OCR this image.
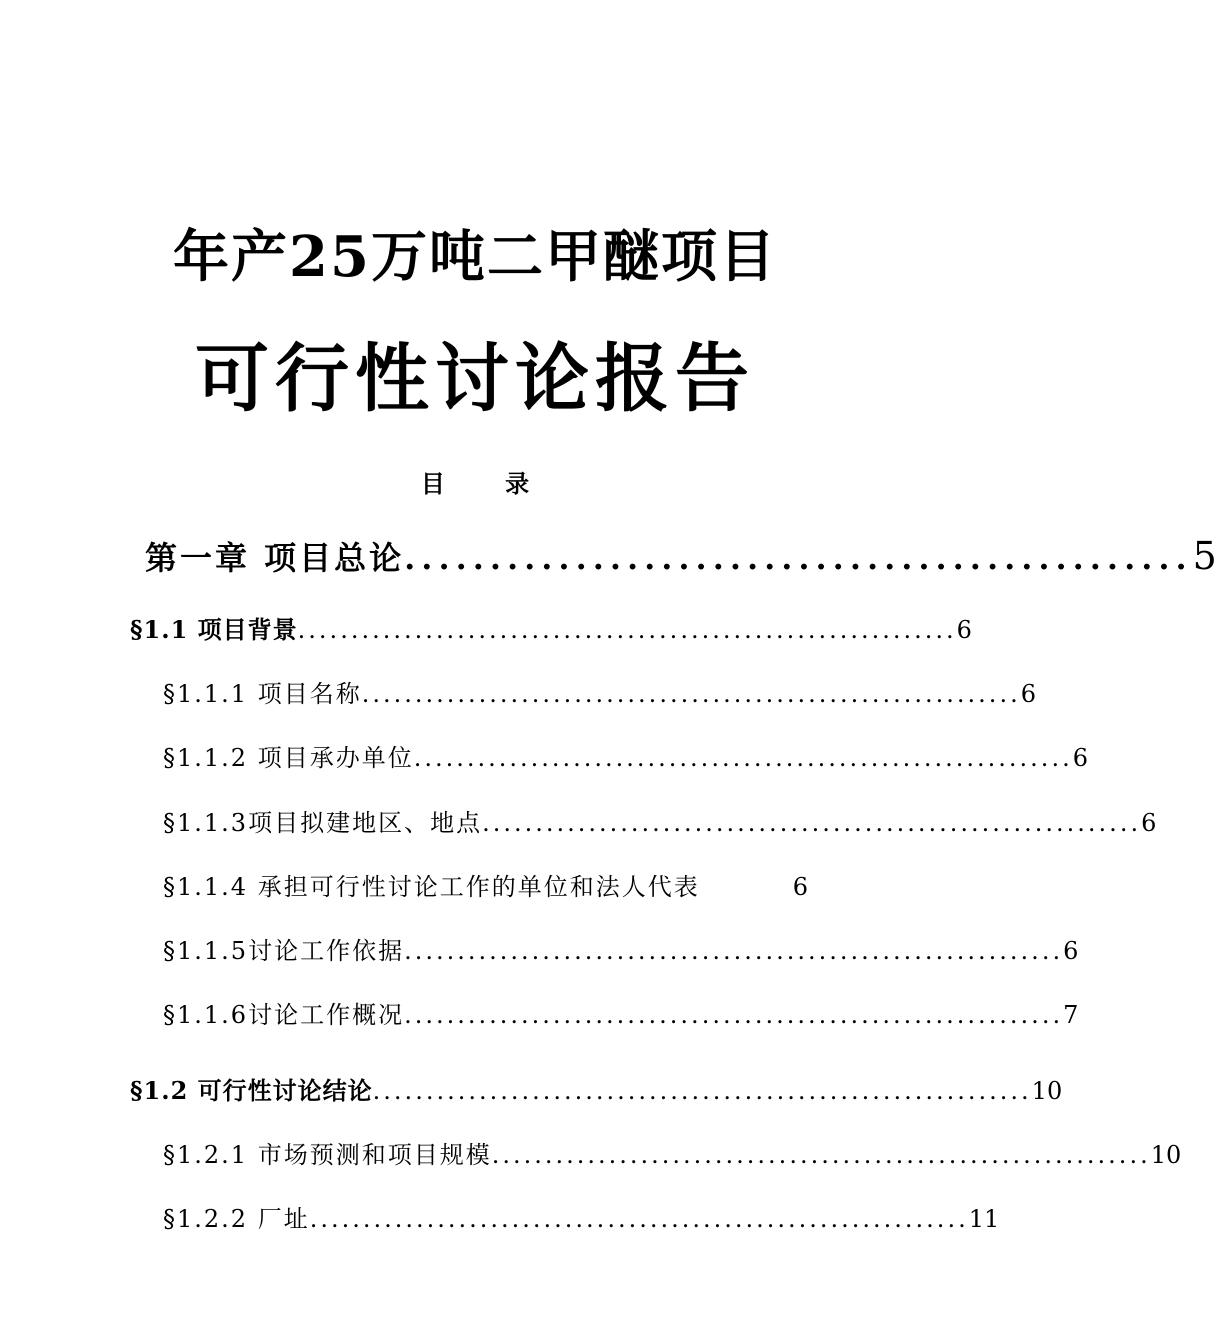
年产25万吨二甲醚项目
可行性讨论报告
目 录
第一章 项目总论 .............................................. 5
§1.1 项目背景 .............................................................. 6
§1.1.1 项目名称 .............................................................. 6
§1.1.2 项目承办单位 .............................................................. 6
§1.1.3项目拟建地区、地点 .............................................................. 6
§1.1.4 承担可行性讨论工作的单位和法人代表	6
§1.1.5讨论工作依据 .............................................................. 6
§1.1.6讨论工作概况 .............................................................. 7
§1.2 可行性讨论结论 .............................................................. 10
§1.2.1 市场预测和项目规模 .............................................................. 10
§1.2.2 厂址 .............................................................. 11
